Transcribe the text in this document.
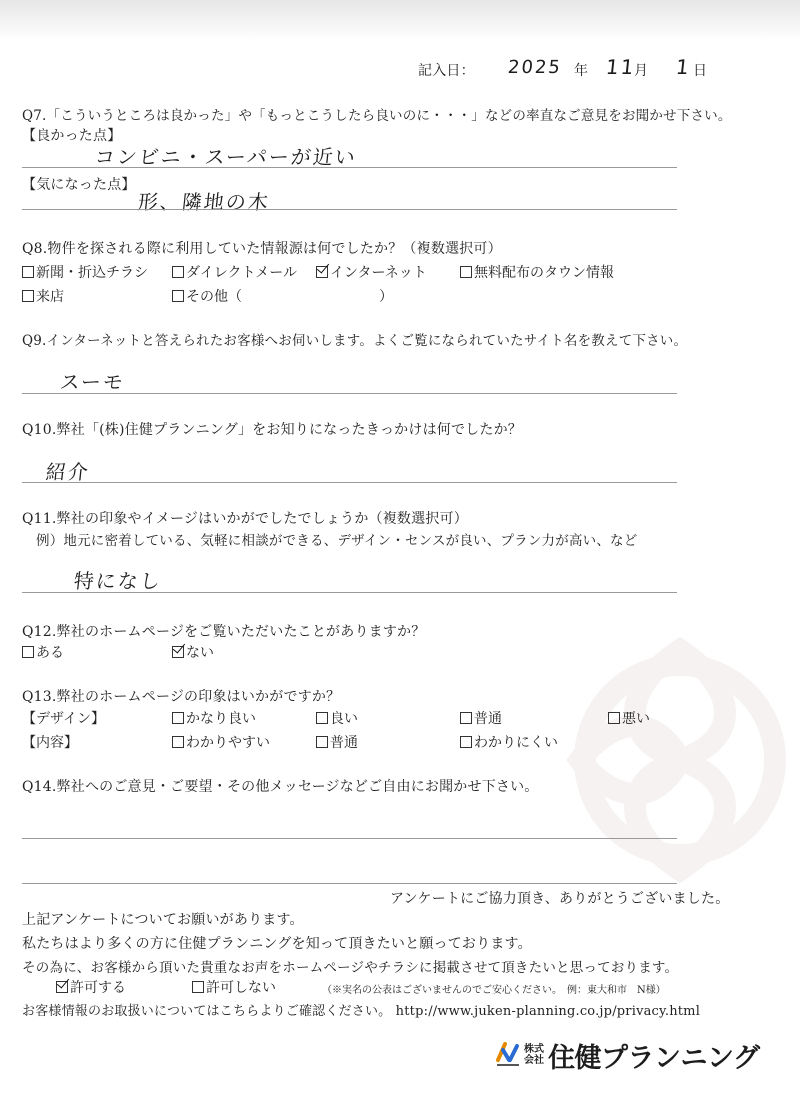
記入日： 2025 年 11
月 1 日
Q7.「こういうところは良かった」や「もっとこうしたら良いのに・・・」などの率直なご意見をお聞かせ下さい。
【良かった点】
コンビニ・スーパーが近い
【気になった点】
形、隣地の木
Q8.物件を探される際に利用していた情報源は何でしたか？（複数選択可）
新聞・折込チラシ	ダイレクトメール	インターネット	無料配布のタウン情報
来店	その他（	）
Q9.インターネットと答えられたお客様へお伺いします。よくご覧になられていたサイト名を教えて下さい。
スーモ
Q10.弊社「(株)住健プランニング」をお知りになったきっかけは何でしたか？
紹介
Q11.弊社の印象やイメージはいかがでしたでしょうか（複数選択可）
例）地元に密着している、気軽に相談ができる、デザイン・センスが良い、プラン力が高い、など
特になし
Q12.弊社のホームページをご覧いただいたことがありますか？
ある	ない
Q13.弊社のホームページの印象はいかがですか？
【デザイン】	かなり良い	良い	普通	悪い
【内容】	わかりやすい	普通	わかりにくい
Q14.弊社へのご意見・ご要望・その他メッセージなどご自由にお聞かせ下さい。
アンケートにご協力頂き、ありがとうございました。
上記アンケートについてお願いがあります。
私たちはより多くの方に住健プランニングを知って頂きたいと願っております。
その為に、お客様から頂いた貴重なお声をホームページやチラシに掲載させて頂きたいと思っております。
許可する	許可しない	（※実名の公表はございませんのでご安心ください。　例：東大和市　N様）
お客様情報のお取扱いについてはこちらよりご確認ください。 http://www.juken-planning.co.jp/privacy.html
株式会社 住健プランニング
